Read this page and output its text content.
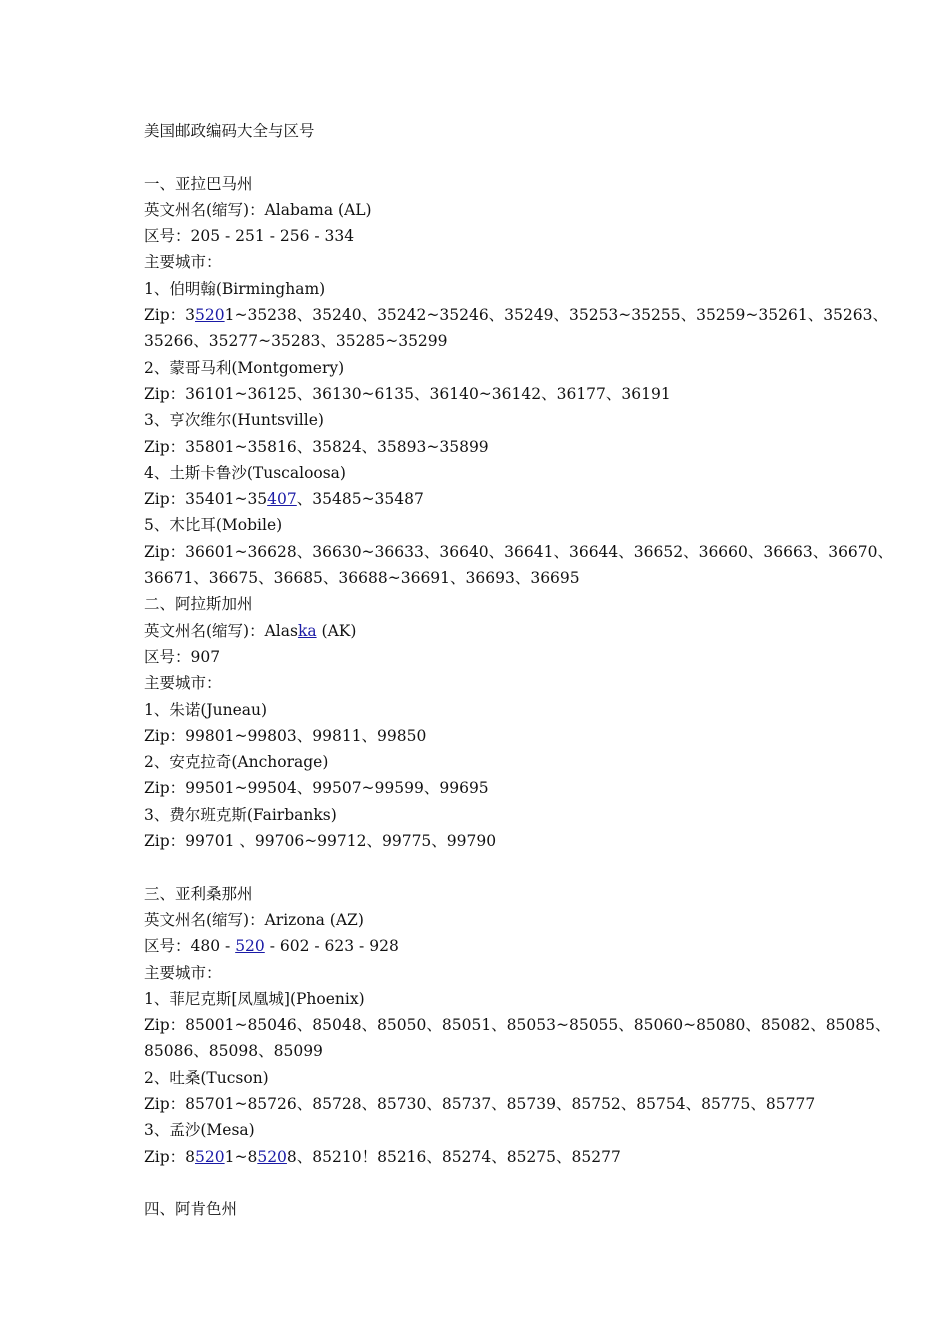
美国邮政编码大全与区号
一、亚拉巴马州
英文州名(缩写)：Alabama (AL)
区号：205 - 251 - 256 - 334
主要城市：
1、伯明翰(Birmingham)
Zip：35201~35238、35240、35242~35246、35249、35253~35255、35259~35261、35263、
35266、35277~35283、35285~35299
2、蒙哥马利(Montgomery)
Zip：36101~36125、36130~6135、36140~36142、36177、36191
3、亨次维尔(Huntsville)
Zip：35801~35816、35824、35893~35899
4、土斯卡鲁沙(Tuscaloosa)
Zip：35401~35407、35485~35487
5、木比耳(Mobile)
Zip：36601~36628、36630~36633、36640、36641、36644、36652、36660、36663、36670、
36671、36675、36685、36688~36691、36693、36695
二、阿拉斯加州
英文州名(缩写)：Alaska (AK)
区号：907
主要城市：
1、朱诺(Juneau)
Zip：99801~99803、99811、99850
2、安克拉奇(Anchorage)
Zip：99501~99504、99507~99599、99695
3、费尔班克斯(Fairbanks)
Zip：99701 、99706~99712、99775、99790
三、亚利桑那州
英文州名(缩写)：Arizona (AZ)
区号：480 - 520 - 602 - 623 - 928
主要城市：
1、菲尼克斯[凤凰城](Phoenix)
Zip：85001~85046、85048、85050、85051、85053~85055、85060~85080、85082、85085、
85086、85098、85099
2、吐桑(Tucson)
Zip：85701~85726、85728、85730、85737、85739、85752、85754、85775、85777
3、孟沙(Mesa)
Zip：85201~85208、85210！85216、85274、85275、85277
四、阿肯色州
